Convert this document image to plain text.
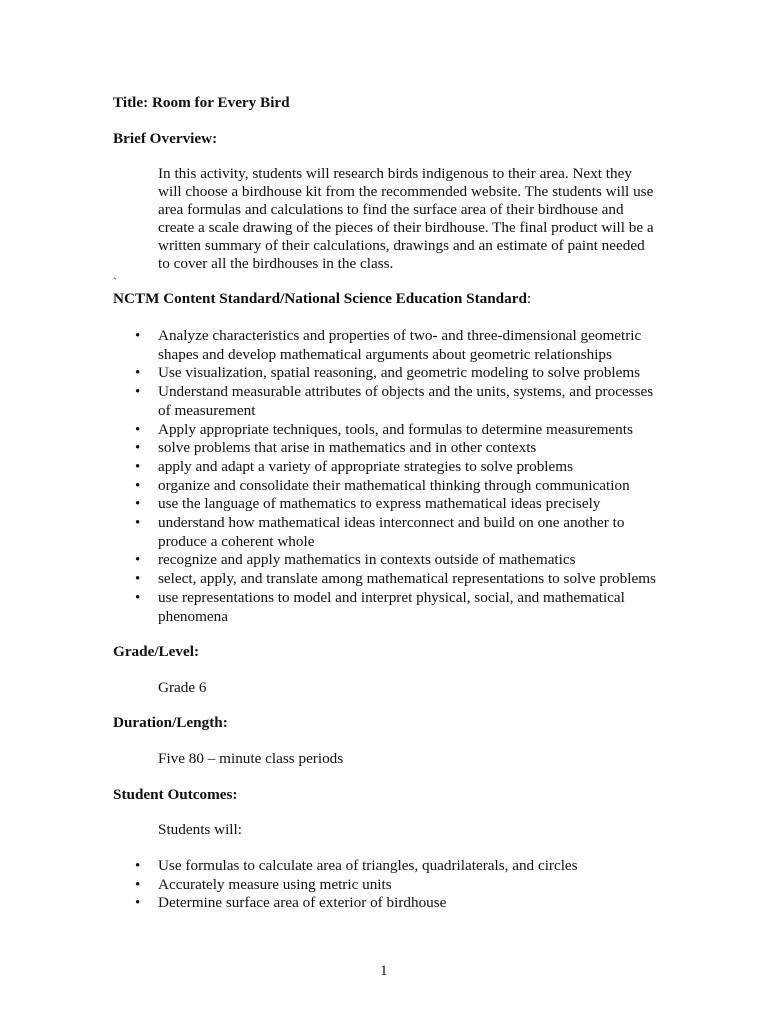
Title: Room for Every Bird

Brief Overview:

In this activity, students will research birds indigenous to their area. Next they will choose a birdhouse kit from the recommended website. The students will use area formulas and calculations to find the surface area of their birdhouse and create a scale drawing of the pieces of their birdhouse. The final product will be a written summary of their calculations, drawings and an estimate of paint needed to cover all the birdhouses in the class.

`

NCTM Content Standard/National Science Education Standard:

• Analyze characteristics and properties of two- and three-dimensional geometric shapes and develop mathematical arguments about geometric relationships
• Use visualization, spatial reasoning, and geometric modeling to solve problems
• Understand measurable attributes of objects and the units, systems, and processes of measurement
• Apply appropriate techniques, tools, and formulas to determine measurements
• solve problems that arise in mathematics and in other contexts
• apply and adapt a variety of appropriate strategies to solve problems
• organize and consolidate their mathematical thinking through communication
• use the language of mathematics to express mathematical ideas precisely
• understand how mathematical ideas interconnect and build on one another to produce a coherent whole
• recognize and apply mathematics in contexts outside of mathematics
• select, apply, and translate among mathematical representations to solve problems
• use representations to model and interpret physical, social, and mathematical phenomena

Grade/Level:

Grade 6

Duration/Length:

Five 80 – minute class periods

Student Outcomes:

Students will:

• Use formulas to calculate area of triangles, quadrilaterals, and circles
• Accurately measure using metric units
• Determine surface area of exterior of birdhouse

1
